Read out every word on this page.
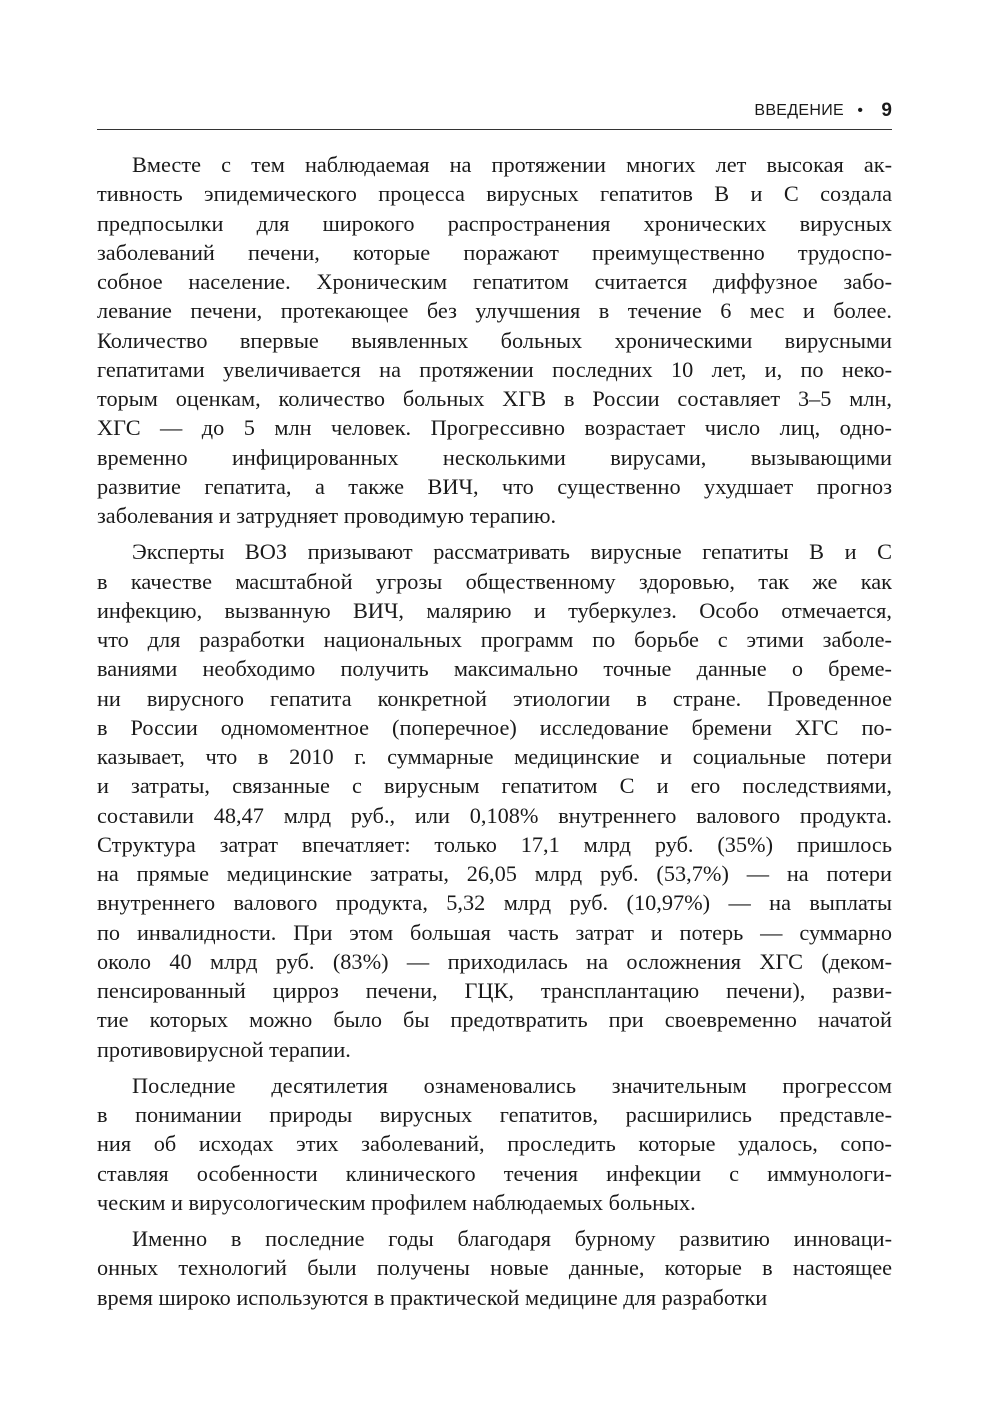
ВВЕДЕНИЕ • 9

Вместе с тем наблюдаемая на протяжении многих лет высокая ак-
тивность эпидемического процесса вирусных гепатитов В и С создала
предпосылки для широкого распространения хронических вирусных
заболеваний печени, которые поражают преимущественно трудоспо-
собное население. Хроническим гепатитом считается диффузное забо-
левание печени, протекающее без улучшения в течение 6 мес и более.
Количество впервые выявленных больных хроническими вирусными
гепатитами увеличивается на протяжении последних 10 лет, и, по неко-
торым оценкам, количество больных ХГВ в России составляет 3–5 млн,
ХГС — до 5 млн человек. Прогрессивно возрастает число лиц, одно-
временно инфицированных несколькими вирусами, вызывающими
развитие гепатита, а также ВИЧ, что существенно ухудшает прогноз
заболевания и затрудняет проводимую терапию.

Эксперты ВОЗ призывают рассматривать вирусные гепатиты В и С
в качестве масштабной угрозы общественному здоровью, так же как
инфекцию, вызванную ВИЧ, малярию и туберкулез. Особо отмечается,
что для разработки национальных программ по борьбе с этими заболе-
ваниями необходимо получить максимально точные данные о бреме-
ни вирусного гепатита конкретной этиологии в стране. Проведенное
в России одномоментное (поперечное) исследование бремени ХГС по-
казывает, что в 2010 г. суммарные медицинские и социальные потери
и затраты, связанные с вирусным гепатитом С и его последствиями,
составили 48,47 млрд руб., или 0,108% внутреннего валового продукта.
Структура затрат впечатляет: только 17,1 млрд руб. (35%) пришлось
на прямые медицинские затраты, 26,05 млрд руб. (53,7%) — на потери
внутреннего валового продукта, 5,32 млрд руб. (10,97%) — на выплаты
по инвалидности. При этом большая часть затрат и потерь — суммарно
около 40 млрд руб. (83%) — приходилась на осложнения ХГС (деком-
пенсированный цирроз печени, ГЦК, трансплантацию печени), разви-
тие которых можно было бы предотвратить при своевременно начатой
противовирусной терапии.

Последние десятилетия ознаменовались значительным прогрессом
в понимании природы вирусных гепатитов, расширились представле-
ния об исходах этих заболеваний, проследить которые удалось, сопо-
ставляя особенности клинического течения инфекции с иммунологи-
ческим и вирусологическим профилем наблюдаемых больных.

Именно в последние годы благодаря бурному развитию инноваци-
онных технологий были получены новые данные, которые в настоящее
время широко используются в практической медицине для разработки
